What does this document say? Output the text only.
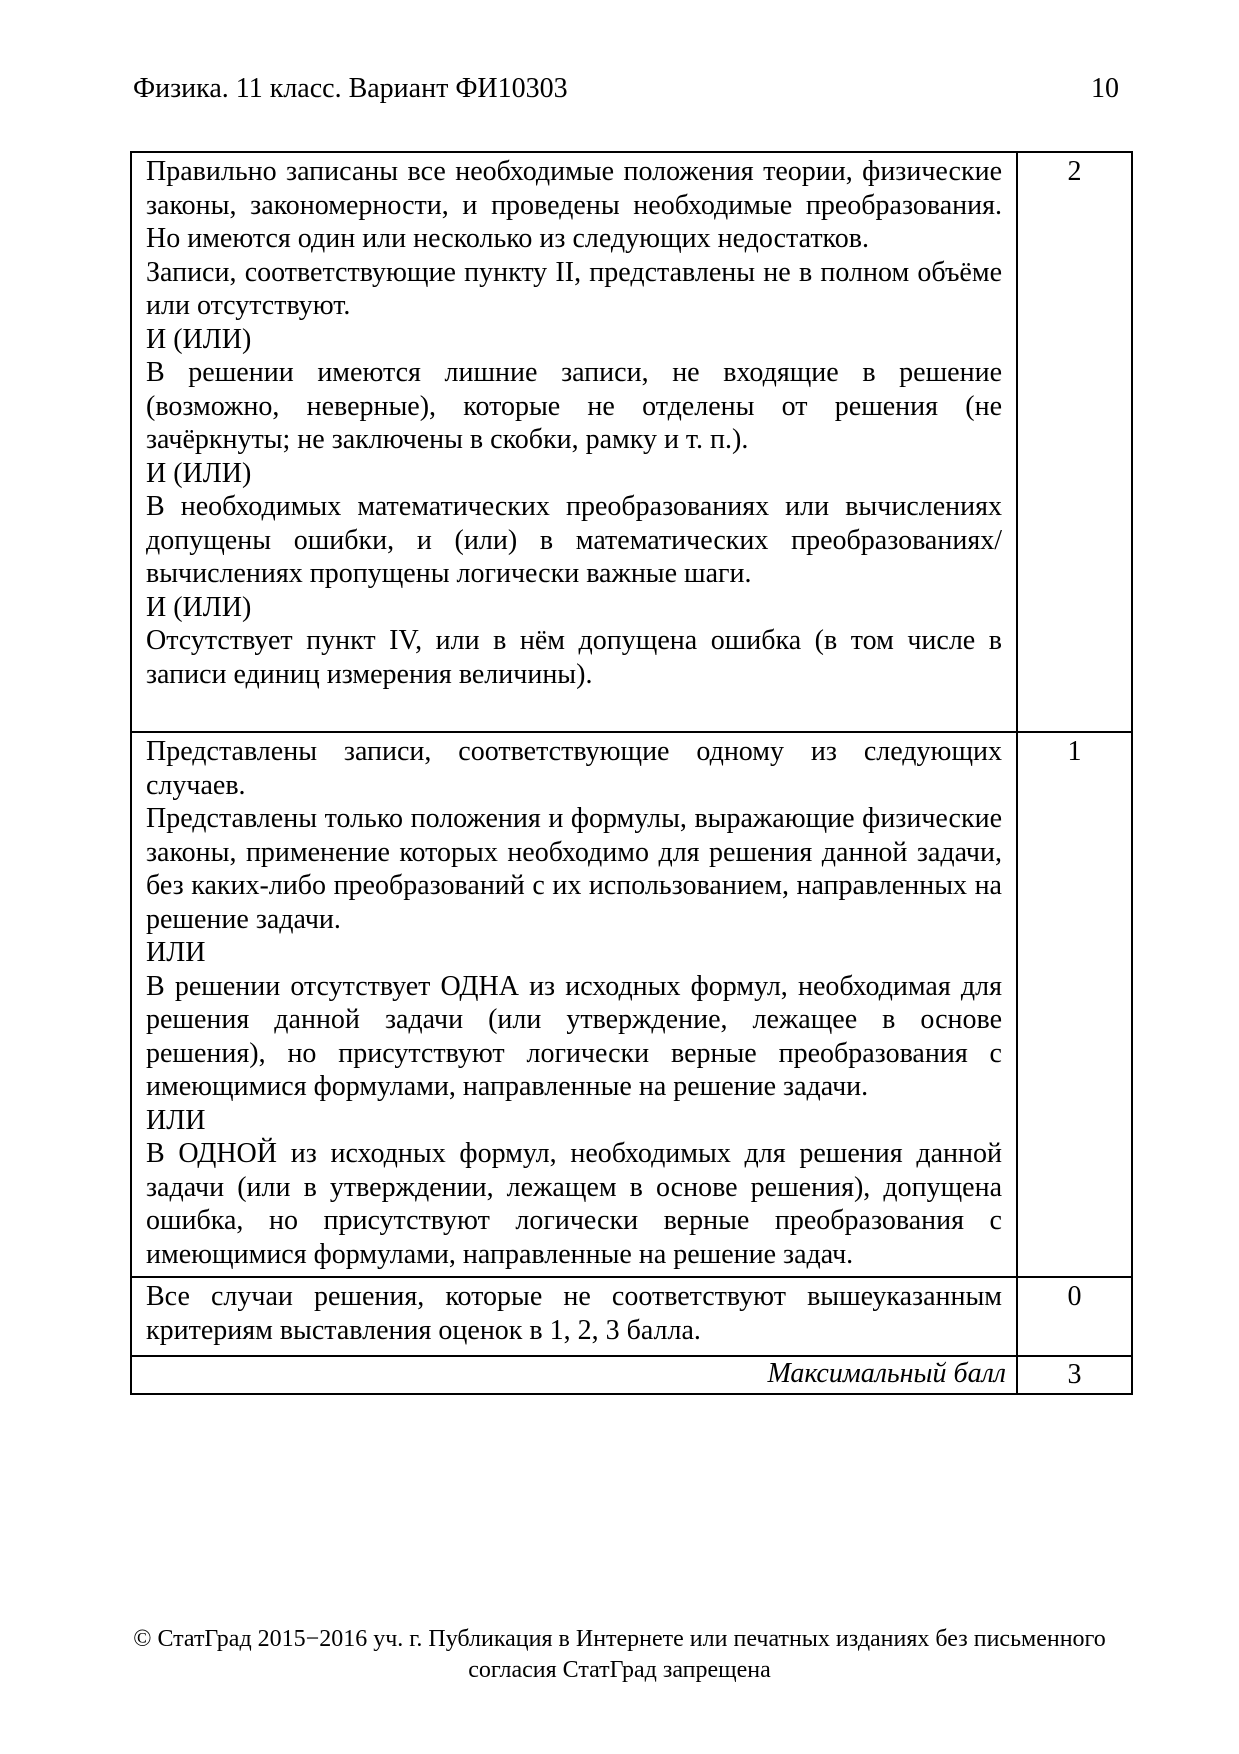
Физика. 11 класс. Вариант ФИ10303	10

Правильно записаны все необходимые положения теории, физические законы, закономерности, и проведены необходимые преобразования. Но имеются один или несколько из следующих недостатков.

Записи, соответствующие пункту II, представлены не в полном объёме или отсутствуют.

И (ИЛИ)

В решении имеются лишние записи, не входящие в решение (возможно, неверные), которые не отделены от решения (не зачёркнуты; не заключены в скобки, рамку и т. п.).

И (ИЛИ)

В необходимых математических преобразованиях или вычислениях допущены ошибки, и (или) в математических преобразованиях/ вычислениях пропущены логически важные шаги.

И (ИЛИ)

Отсутствует пункт IV, или в нём допущена ошибка (в том числе в записи единиц измерения величины).

	2

Представлены записи, соответствующие одному из следующих случаев.

Представлены только положения и формулы, выражающие физические законы, применение которых необходимо для решения данной задачи, без каких-либо преобразований с их использованием, направленных на решение задачи.

ИЛИ

В решении отсутствует ОДНА из исходных формул, необходимая для решения данной задачи (или утверждение, лежащее в основе решения), но присутствуют логически верные преобразования с имеющимися формулами, направленные на решение задачи.

ИЛИ

В ОДНОЙ из исходных формул, необходимых для решения данной задачи (или в утверждении, лежащем в основе решения), допущена ошибка, но присутствуют логически верные преобразования с имеющимися формулами, направленные на решение задач.

	1

Все случаи решения, которые не соответствуют вышеуказанным критериям выставления оценок в 1, 2, 3 балла.	0
Максимальный балл	3
© СтатГрад 2015−2016 уч. г. Публикация в Интернете или печатных изданиях без письменного
согласия СтатГрад запрещена
